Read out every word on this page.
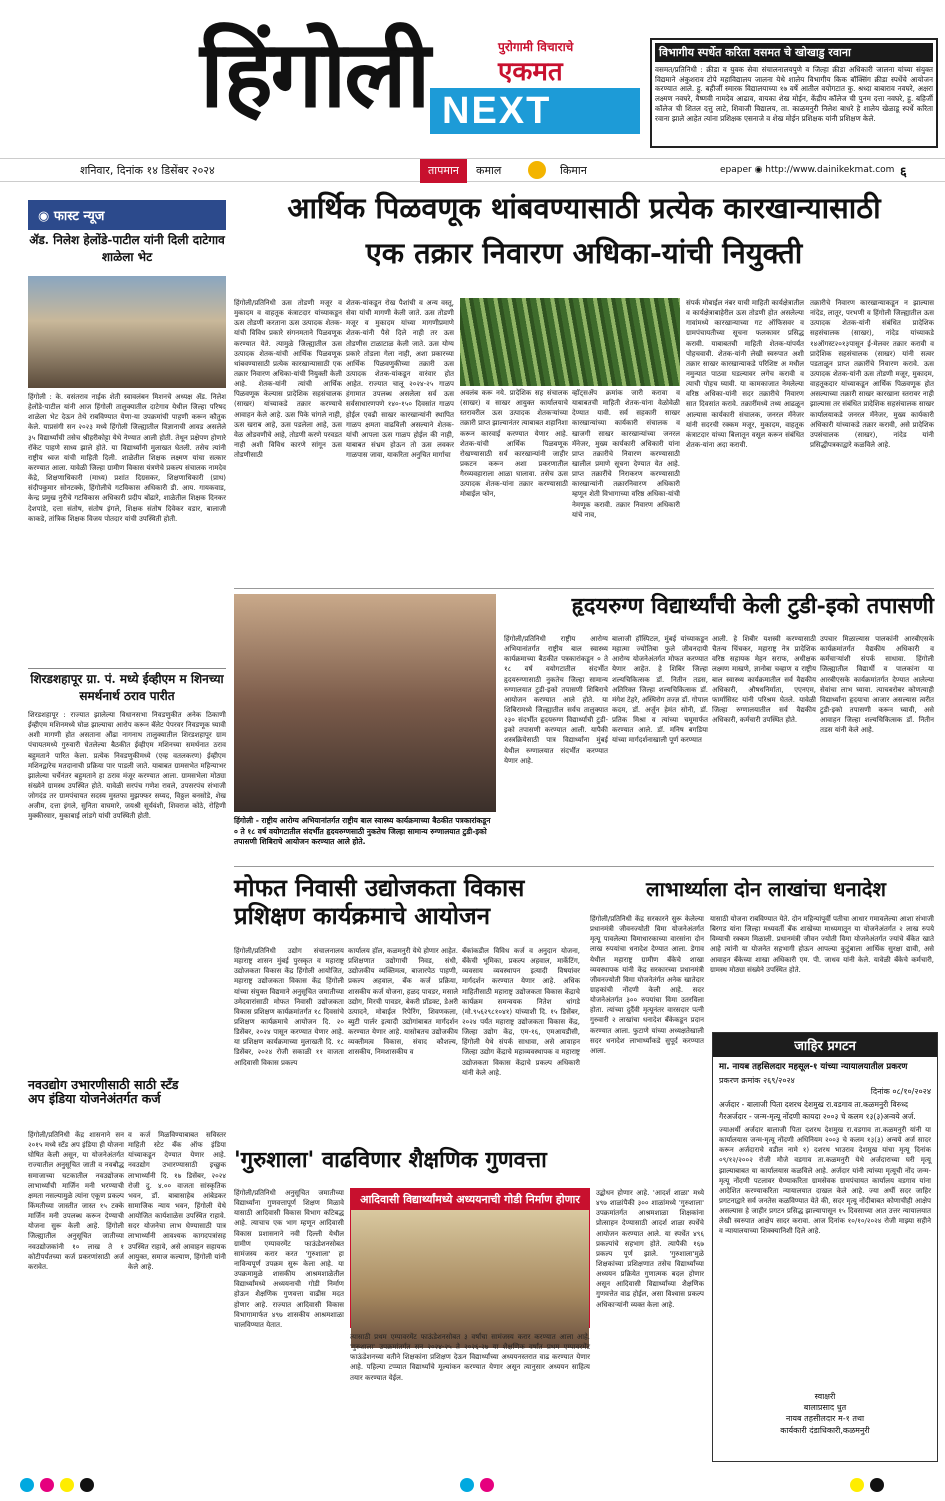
हिंगोली	पुरोगामी विचाराचे
एकमत
NEXT
विभागीय स्पर्धेत करिता वसमत चे खोखाडु रवाना

वसमत/प्रतिनिधी : क्रीडा व युवक सेवा संचालनालयपुणे व जिल्हा क्रीडा अधिकारी जालना यांच्या संयुक्त विद्यमाने अंकुशराव टोपे महाविद्यालय जालना येथे शालेय विभागीय किक बॉक्सिंग क्रीडा स्पर्धेचे आयोजन करण्यात आले. हु. बहीर्जी स्मारक विद्यालयाच्या १७ वर्षे आतील वयोगटात कु. श्रध्दा बाबाराव नवघरे, अक्षरा लक्ष्मण नवघरे, वैष्णवी नामदेव आढाव, वायका शेख मोईन, केंद्रीय कॉलेज ची पुनम दत्ता नवघरे, हु. बहिर्जी कॉलेज ची शितल दत्तु लाटे, शिवाजी विद्यालय, ता. काळमनुरी निलेश बाधरे हे शालेय खेळाडू स्पर्धे करिता रवाना झाले आहेत त्यांना प्रशिक्षक एसनाजे व शेख मोईन प्रशिक्षक यांनी प्रशिक्षण केले.

शनिवार, दिनांक १४ डिसेंबर २०२४	तापमान	कमाल	किमान	epaper ◉ http://www.dainikekmat.com ६
◉ फास्ट न्यूज
ॲड. निलेश हेलोंडे-पाटील यांनी दिली दाटेगाव शाळेला भेट
हिंगोली : के. वसंतराव नाईक शेती स्वावलंबन मिशनचे अध्यक्ष ॲड. निलेश हेलोंडे-पाटील यांनी आज हिंगोली तालुक्यातील दाटेगाव येथील जिल्हा परिषद शाळेला भेट देऊन तेथे राबविण्यात येणा-या उपक्रमांची पाहणी करून कौतुक केले. याप्रसंगी सन २०२३ मध्ये हिंगोली जिल्ह्यातील विज्ञानाची आवड असलेले ३५ विद्यार्थ्यांची तसेच श्रीहरीकोट्टा येथे नेण्यात आली होती. तेथून प्रक्षेपण होणारे रॉकेट पाहणे साध्य झाले होते. या विद्यार्थ्यांनी मुलाखत घेतली. तसेच त्यांनी राष्ट्रीय ध्वज यांची माहिती दिली. शाळेतील शिक्षक लक्ष्मण यांचा सत्कार करण्यात आला. यावेळी जिल्हा ग्रामीण विकास यंत्रणेचे प्रकल्प संचालक नामदेव केंद्रे, शिक्षणाधिकारी (माध्य) प्रशांत दिग्रसकर, शिक्षणाधिकारी (प्राथ) संदीपकुमार सोनटक्के, हिंगोलीचे गटविकास अधिकारी डी. आय. गायकवाड, केन्द्र प्रमुख नुरीचे गटविकास अधिकारी प्रदीप बोंढारे, शाळेतील शिक्षक दिनकर देशपांडे, दत्ता संतोष, संतोष इंगले, शिक्षक संतोष दिवेकर वडार, बालाजी काकडे, तांत्रिक शिक्षक विजय पोतदार यांची उपस्थिती होती.
शिरडशहापूर ग्रा. पं. मध्ये ईव्हीएम म शिनच्या समर्थनार्थ ठराव पारीत
शिरडशहापूर : राज्यात झालेल्या विधानसभा निवडणुकीत अनेक ठिकाणी ईव्हीएम मशिनमध्ये घोळ झाल्याचा आरोप करून बॅलेट पेपरवर निवडणूक घ्यावी अशी मागणी होत असताना औंढा नागनाथ तालुक्यातील शिरडशहापूर ग्राम पंचायतमध्ये गुरुवारी घेतलेल्या बैठकीत ईव्हीएम मशिनच्या समर्थनात ठराव बहुमताने पारित केला. प्रत्येक निवडणुकीमध्ये (एव्ह वतलकरण) ईव्हीएम मशिनद्वारेच मतदानाची प्रक्रिया पार पाडली जाते. याबाबत ग्रामसभेत महिन्याभर झालेल्या चर्चेनंतर बहुमताने हा ठराव मंजूर करण्यात आला. ग्रामसभेला मोठ्या संख्येने ग्रामस्थ उपस्थित होते. यावेळी सरपंच गणेश रावले, उपसरपंच संभाजी जोगदंड तर ग्रामपंचायत सदस्य मुस्तफा मुझफ्फर सय्यद, विठ्ठल बनसोडे, शेख अजीम, दत्ता इंगले, सुनिता वाघमारे, जयश्री सूर्यवंशी, शिवराज कोठे, रोहिणी मुक्कीरवार, मुकाबाई लांडगे यांची उपस्थिती होती.
आर्थिक पिळवणूक थांबवण्यासाठी प्रत्येक कारखान्यासाठी
एक तक्रार निवारण अधिका-यांची नियुक्ती
हिंगोली/प्रतिनिधी ऊस तोडणी मजूर व मुकादम व वाहतूक कंत्राटदार यांच्याकडून ऊस तोडणी करताना ऊस उत्पादक शेतक-यांची विविध प्रकारे संगनमताने पिळवणूक करण्यात येते. त्यामुळे जिल्ह्यातील ऊस उत्पादक शेतक-यांची आर्थिक पिळवणूक थांबवण्यासाठी प्रत्येक कारखान्यासाठी एक तक्रार निवारण अधिका-यांची नियुक्ती केली आहे. शेतक-यांनी त्यांची आर्थिक पिळवणूक केल्यास प्रादेशिक सहसंचालक (साखर) यांच्याकडे तक्रार करण्याचे आवाहन केले आहे. ऊस पिके चांगले नाही, ऊस खराब आहे, ऊस पडलेला आहे, ऊस वेळ ओडवणीचे आहे, तोडणी करणे परवडत नाही अशी विविध कारणे सांगून ऊस तोडणीसाठी
शेतक-यांकडून रोख पैशांची व अन्य वस्तू, सेवा यांची मागणी केली जाते. ऊस तोडणी मजूर व मुकादम यांच्या मागणीप्रमाणे शेतक-यांनी पैसे दिले नाही तर ऊस तोडणीस टाळाटाळ केली जाते. ऊस योग्य प्रकारे तोडला गेला नाही, अशा प्रकारच्या आर्थिक पिळवणुकीच्या तक्रारी ऊस उत्पादक शेतक-यांकडून वारंवार होत आहेत. राज्यात चालू २०२४-२५ गाळप हंगामात उपलब्ध असलेला सर्व ऊस सर्वसाधारणपणे १४०-१५० दिवसांत गाळप होईल एवढी साखर कारखान्यांनी स्थापित गाळप क्षमता वाढविली असल्याने शेतक-यांची आपला ऊस गाळप होईल की नाही, याबाबत संभ्रम होऊन तो ऊस लवकर गाळपास जावा, याकरिता अनुचित मार्गाचा
अवलंब करू नये. प्रादेशिक सह संचालक (साखर) व साखर आयुक्त कार्यालयाचे स्तरावरील ऊस उत्पादक शेतकऱ्यांच्या तक्रारी प्राप्त झाल्यानंतर त्याबाबत शहानिशा करून कारवाई करण्यात येणार आहे. शेतक-यांची आर्थिक पिळवणूक रोखण्यासाठी सर्व कारखान्यांनी जाहीर प्रकटन करून अशा प्रकरणातील गैरव्यवहाराला आळा घालावा. तसेच ऊस उत्पादक शेतक-यांना तक्रार करण्यासाठी मोबाईल फोन,
व्हॉट्सॲप क्रमांक जारी करावा व याबाबतची माहिती शेतक-यांना वेळोवेळी देण्यात यावी. सर्व सहकारी साखर कारखान्यांच्या कार्यकारी संचालक व खाजगी साखर कारखान्यांच्या जनरल मॅनेजर, मुख्य कार्यकारी अधिकारी यांना प्राप्त तक्रारीचे निवारण करण्यासाठी खालील प्रमाणे सूचना देण्यात येत आहे. प्राप्त तक्रारींचे निराकरण करण्यासाठी कारखान्यांनी तक्रारनिवारण अधिकारी म्हणून शेती विभागाच्या वरिष्ठ अधिका-यांची नेमणूक करावी. तक्रार निवारण अधिकारी यांचे नाव,
संपर्क मोबाईल नंबर याची माहिती कार्यक्षेत्रातील व कार्यक्षेत्राबाहेरील ऊस तोडणी होत असलेल्या गावांमध्ये कारखान्याच्या गट ऑफिसवर व ग्रामपंचायतीच्या सूचना फलकावर प्रसिद्ध करावी. याबाबतची माहिती शेतक-यांपर्यंत पोहचवावी. शेतक-यांनी लेखी स्वरुपात अशी तक्रार साखर कारखान्याकडे परिशिष्ट अ मधील नमुन्यात पाठवा घडल्यावर लगेच करावी व त्याची पोहच घ्यावी. या कामकाजात नेमलेल्या वरिष्ठ अधिका-यांनी सदर तक्रारीचे निवारण सात दिवसांत करावे. तक्रारींमध्ये तथ्य आढळून आल्यास कार्यकारी संचालक, जनरल मॅनेजर यांनी सदरची रक्कम मजूर, मुकादम, वाहतूक कंत्राटदार यांच्या बिलातून वसूल करून संबंधित शेतक-यांना अदा करावी.
तक्रारीचे निवारण कारखान्याकडून न झाल्यास नांदेड, लातूर, परभणी व हिंगोली जिल्ह्यातील ऊस उत्पादक शेतक-यांनी संबंधित प्रादेशिक सहसंचालक (साखर), नांदेड यांच्याकडे १४ऑगस्ट२०१३पासून ई-मेलवर तक्रार करावी व प्रादेशिक सहसंचालक (साखर) यांनी सत्वर पडताळून प्राप्त तक्रारींचे निवारण करावे. ऊस उत्पादक शेतक-यांनी ऊस तोडणी मजूर, मुकादम, वाहतूकदार यांच्याकडून आर्थिक पिळवणूक होत असल्याच्या तक्रारी साखर कारखाना स्तरावर नाही झाल्यास तर संबंधित प्रादेशिक सहसंचालक साखर कार्यालयाकडे जनरल मॅनेजर, मुख्य कार्यकारी अधिकारी यांच्याकडे तक्रार करावी, असे प्रादेशिक उपसंचालक (साखर), नांदेड यांनी प्रसिद्धीपत्रकाद्वारे कळविले आहे.
हृदयरुग्ण विद्यार्थ्यांची केली टुडी-इको तपासणी
हिंगोली - राष्ट्रीय आरोग्य अभियानांतर्गत राष्ट्रीय बाल स्वास्थ्य कार्यक्रमाच्या बैठकीत पत्रकारांकडून ० ते १८ वर्ष वयोगटातील संदर्भीत हृदयरुग्णसाठी नुकतेच जिल्हा सामान्य रुग्णालयात टुडी-इको तपासणी शिबिराचे आयोजन करण्यात आले होते.
हिंगोली/प्रतिनिधी राष्ट्रीय आरोग्य अभियानांतर्गत राष्ट्रीय बाल स्वास्थ्य कार्यक्रमाच्या बैठकीत पत्रकारांकडून ० ते १८ वर्ष वयोगटातील संदर्भीत हृदयरुग्णासाठी नुकतेच जिल्हा सामान्य रुग्णालयात टुडी-इको तपासणी शिबिराचे आयोजन करण्यात आले होते. या शिबिरामध्ये जिल्ह्यातील सर्वच तालुक्यात २३० संदर्भीत हृदयरुग्ण विद्यार्थ्यांची टुडी-इको तपासणी करण्यात आली. यापैकी शस्त्रक्रियेसाठी पात्र विद्यार्थ्यांना मुंबई येथील रुग्णालयात संदर्भीत करण्यात येणार आहे.
बालाजी हॉस्पिटल, मुंबई यांच्याकडून महात्मा ज्योतिबा फुले जीवनदायी आरोग्य योजनेअंतर्गत मोफत करण्यात येणार आहेत. हे शिबिर जिल्हा शल्यचिकित्सक डॉ. नितीन तडस, अतिरिक्त जिल्हा शल्यचिकित्सक डॉ. मंगेश टेहरे, अस्थिरोग तज्ज्ञ डॉ. गोपाल कदम, डॉ. अर्जुन हेमंत सोनी, डॉ. प्रतिक मिश्रा व त्यांच्या चमूमार्फत करण्यात आले. डॉ. मनिष बगडिया यांच्या मार्गदर्शनाखाली पूर्ण करण्यात
आली. हे शिबीर यशस्वी करण्यासाठी चैतन्य चिंचकर, महाराष्ट्र नेत्र प्रादेशिक वरिष्ठ सहायक मेहन सराफ, अधीक्षक लक्ष्मण माखणे, ज्ञानोबा चव्हाण व राष्ट्रीय बाल स्वास्थ्य कार्यक्रमातील सर्व वैद्यकीय अधिकारी, औषधनिर्माता, एएनएम, फार्मासिस्ट यांनी परिश्रम घेतले. यावेळी जिल्हा रुग्णालयातील सर्व वैद्यकीय अधिकारी, कर्मचारी उपस्थित होते.
उपचार मिळाल्यास पालकांनी आरबीएसके कार्यक्रमांतर्गत वैद्यकीय अधिकारी व कर्मचाऱ्यांशी संपर्क साधावा. हिंगोली जिल्ह्यातील विद्यार्थी व पालकांना या आरबीएसके कार्यक्रमांतर्गत देण्यात आलेल्या सेवांचा लाभ घ्यावा. त्याचबरोबर कोणत्याही विद्यार्थ्यांना हृदयाचा आजार असल्यास त्वरीत टुडी-इको तपासणी करून घ्यावी, असे आवाहन जिल्हा शल्यचिकित्सक डॉ. नितीन तडस यांनी केले आहे.
मोफत निवासी उद्योजकता विकास
प्रशिक्षण कार्यक्रमाचे आयोजन
हिंगोली/प्रतिनिधी उद्योग संचालनालय महाराष्ट्र शासन मुंबई पुरस्कृत व महाराष्ट्र उद्योजकता विकास केंद्र हिंगोली आयोजित, महाराष्ट्र उद्योजकता विकास केंद्र हिंगोली यांच्या संयुक्त विद्यमाने अनुसूचित जमातीच्या उमेदवारांसाठी मोफत निवासी उद्योजकता विकास प्रशिक्षण कार्यक्रमांतर्गत १८ दिवसांचे प्रशिक्षण कार्यक्रमाचे आयोजन दि. २० डिसेंबर, २०२४ पासून करण्यात येणार आहे. या प्रशिक्षण कार्यक्रमाच्या मुलाखती दि. १८ डिसेंबर, २०२४ रोजी सकाळी ११ वाजता आदिवासी विकास प्रकल्प
कार्यालय हॉल, कळमनुरी येथे होणार आहेत. प्रशिक्षणात उद्योगाची निवड, संधी, उद्योजकीय व्यक्तिमत्व, बाजारपेठ पाहणी, प्रकल्प अहवाल, बँक कर्ज प्रक्रिया, शासकीय कर्ज योजना, हळद पावडर, मसाले उद्योग, मिरची पावडर, बेकरी प्रॉडक्ट, डेअरी उत्पादने, मोबाईल रिपेरिंग, शिवणकला, ब्युटी पार्लर इत्यादी उद्योगांबाबत मार्गदर्शन करण्यात येणार आहे. यासोबतच उद्योजकीय व्यक्तीमत्व विकास, संवाद कौशल्य, शासकीय, निमशासकीय व
बँकांकडील विविध कर्ज व अनुदान योजना, बँकेची भूमिका, प्रकल्प अहवाल, मार्केटिंग, व्यवसाय व्यवस्थापन इत्यादी विषयांवर मार्गदर्शन करण्यात येणार आहे. अधिक माहितीसाठी महाराष्ट्र उद्योजकता विकास केंद्राचे कार्यक्रम समन्वयक नितेश धांगडे (मो.९५६२९८१०४१) यांच्याशी दि. १५ डिसेंबर, २०२४ पर्यंत महाराष्ट्र उद्योजकता विकास केंद्र, जिल्हा उद्योग केंद्र, एम-१६, एमआयडीसी, हिंगोली येथे संपर्क साधावा, असे आवाहन जिल्हा उद्योग केंद्राचे महाव्यवस्थापक व महाराष्ट्र उद्योजकता विकास केंद्राचे प्रकल्प अधिकारी यांनी केले आहे.
लाभार्थ्याला दोन लाखांचा धनादेश
हिंगोली/प्रतिनिधी केंद्र सरकारने सुरू केलेल्या प्रधानमंत्री जीवनज्योती विमा योजनेअंतर्गत मृत्यू पावलेल्या विमाधारकाच्या वारसांना दोन लाख रुपयांचा धनादेश देण्यात आला. डेगाव येथील महाराष्ट्र ग्रामीण बँकेचे शाखा व्यवस्थापक यांनी केंद्र सरकारच्या प्रधानमंत्री जीवनज्योती विमा योजनेतंर्गत अनेक खातेदार ग्राहकांची नोंदणी केली आहे. सदर योजनेअंतर्गत ३०० रुपयांचा विमा उतरविला होता. त्यांच्या दुर्दैवी मृत्यूनंतर वारसदार पत्नी गुरुवारी २ लाखांचा धनादेश बँकेकडून प्रदान करण्यात आला. फुटाणे यांच्या अध्यक्षतेखाली सदर धनादेश लाभार्थ्यांकडे सुपूर्द करण्यात आला.
यासाठी योजना राबविण्यात येते. दोन महिन्यांपूर्वी पतीचा आधार गमावलेल्या आशा संभाजी बिरगड यांना जिल्हा मध्यवर्ती बँक शाखेच्या माध्यमातून या योजनेअंतर्गत २ लाख रुपये विम्याची रक्कम मिळाली. प्रधानमंत्री जीवन ज्योती विमा योजनेअंतर्गत ज्यांचे बँकेत खाते आहे त्यांनी या योजनेत सहभागी होऊन आपल्या कुटुंबाला आर्थिक सुरक्षा द्यावी, असे आवाहन बँकेच्या शाखा अधिकारी एम. पी. जाधव यांनी केले. यावेळी बँकेचे कर्मचारी, ग्रामस्थ मोठ्या संख्येने उपस्थित होते.
नवउद्योग उभारणीसाठी साठी स्टँड
अप इंडिया योजनेअंतर्गत कर्ज
हिंगोली/प्रतिनिधी केंद्र शासनाने सन २०१५ मध्ये स्टँड अप इंडिया ही योजना घोषित केली असून, या योजनेअंतर्गत राज्यातील अनुसूचित जाती व नवबौद्ध समाजाच्या घटकातील नवउद्योजक लाभार्थ्यांची मार्जिन मनी भरण्याची क्षमता नसल्यामुळे त्यांना एकूण प्रकल्प किंमतीच्या जास्तीत जास्त १५ टक्के मार्जिन मनी उपलब्ध करून देण्याची योजना सुरू केली आहे. हिंगोली जिल्ह्यातील अनुसूचित जातीच्या नवउद्योजकांनी १० लाख ते १ कोटीपर्यंतच्या कर्ज प्रकरणांसाठी अर्ज करावेत.
व कर्ज मिळविण्याबाबत सविस्तर माहिती स्टेट बँक ऑफ इंडिया यांच्याकडून देण्यात येणार आहे. नवउद्योग उभारण्यासाठी इच्छुक लाभार्थ्यांनी दि. १७ डिसेंबर, २०२४ रोजी दु. ४.०० वाजता सांस्कृतिक भवन, डॉ. बाबासाहेब आंबेडकर सामाजिक न्याय भवन, हिंगोली येथे आयोजित कार्यशाळेस उपस्थित राहावे. सदर योजनेचा लाभ घेण्यासाठी पात्र लाभार्थ्यांनी आवश्यक कागदपत्रांसह उपस्थित राहावे, असे आवाहन सहायक आयुक्त, समाज कल्याण, हिंगोली यांनी केले आहे.
'गुरुशाला' वाढविणार शैक्षणिक गुणवत्ता
हिंगोली/प्रतिनिधी अनुसूचित जमातीच्या विद्यार्थ्यांना गुणवत्तापूर्ण शिक्षण मिळावे यासाठी आदिवासी विकास विभाग कटिबद्ध आहे. त्याचाच एक भाग म्हणून आदिवासी विकास प्रशासनाने नवी दिल्ली येथील ग्रामीण एम्पावरमेंट फाऊंडेशनसोबत सामंजस्य करार करत 'गुरुशाला' हा नाविन्यपूर्ण उपक्रम सुरू केला आहे. या उपक्रमामुळे शासकीय आश्रमशाळेतील विद्यार्थ्यांमध्ये अध्ययनाची गोडी निर्माण होऊन शैक्षणिक गुणवत्ता वाढीस मदत होणार आहे. राज्यात आदिवासी विकास विभागामार्फत ४९७ शासकीय आश्रमशाळा चालविण्यात येतात.
आदिवासी विद्यार्थ्यांमध्ये अध्ययनाची गोडी निर्माण होणार
त्यासाठी प्रथम एम्पावरमेंट फाऊंडेशनसोबत ३ वर्षांचा सामंजस्य करार करण्यात आला आहे. 'गुरुशाला' उपक्रमांतर्गत सन २०२४-२५ ते २०२६-२७ या शैक्षणिक वर्षांत प्रथम एम्पावरमेंट फाऊंडेशनच्या वतीने शिक्षकांना प्रशिक्षण देऊन विद्यार्थ्यांच्या अध्ययनस्तरात वाढ करण्यात येणार आहे. पहिल्या टप्प्यात विद्यार्थ्यांचे मूल्यांकन करण्यात येणार असून त्यानुसार अध्ययन साहित्य तयार करण्यात येईल.
उद्बोधन होणार आहे. 'आदर्श शाळा' मध्ये ४९७ शाळांपैकी ३०० शाळांमध्ये 'गुरुशाला' उपक्रमांतर्गत आश्रमशाळा शिक्षकांना प्रोत्साहन देण्यासाठी आदर्श शाळा स्पर्धेचे आयोजन करण्यात आले. या स्पर्धेत ४९६ प्रकल्पांचे सहभाग होते. त्यापैकी १६७ प्रकल्प पूर्ण झाले. 'गुरुशाला'मुळे शिक्षकांच्या प्रशिक्षणात तसेच विद्यार्थ्यांच्या अध्ययन प्रक्रियेत गुणात्मक बदल होणार असून आदिवासी विद्यार्थ्यांच्या शैक्षणिक गुणवत्तेत वाढ होईल, असा विश्वास प्रकल्प अधिकाऱ्यांनी व्यक्त केला आहे.
जाहिर प्रगटन
मा. नायब तहसिलदार महसूल-१ यांच्या न्यायालयातील प्रकरण
प्रकरण क्रमांक २६९/२०२४
दिनांक ०८/१०/२०२४
अर्जदार - बालाजी पिता दशरथ देशमुख रा.वडगाव ता.कळमनुरी विरुध्द
गैरअर्जदार - जन्म-मृत्यू नोंदणी कायदा २००३ चे कलम १३(३)अन्वये अर्ज.
ज्याअर्थी अर्जदार बालाजी पिता दशरथ देशमुख रा.वडगाव ता.कळमनुरी यांनी या कार्यालयास जन्म-मृत्यू नोंदणी अधिनियम २००३ चे कलम १३(३) अन्वये अर्ज सादर करून अर्जदाराचे वडील नामे १) दशरथ भाउराव देशमुख यांचा मृत्यू दिनांक ०९/१२/२००२ रोजी मौजे वडगाव ता.कळमनुरी येथे अर्जदाराच्या घरी मृत्यू झाल्याबाबत या कार्यालयास कळविले आहे. अर्जदार यांनी त्यांच्या मृत्यूची नोंद जन्म-मृत्यू नोंदणी पटलावर घेण्याकरिता ग्रामसेवक ग्रामपंचायत कार्यालय वडगाव यांना आदेशित करण्याकरिता न्यायालयात दाखल केले आहे. ज्या अर्थी सदर जाहिर प्रगटनाद्वारे सर्व जनतेस कळविण्यात येते की, सदर मृत्यू नोंदीबाबत कोणाचीही आक्षेप असल्यास हे जाहीर प्रगटन प्रसिद्ध झाल्यापासून १५ दिवसाच्या आत उत्तर न्यायालयात लेखी स्वरुपात आक्षेप सादर करावा. आज दिनांक १०/१०/२०२४ रोजी माझ्या सहीने व न्यायालयाच्या शिक्क्यानिशी दिले आहे.
स्वाक्षरी
बालाप्रसाद धुत
नायब तहसीलदार म-१ तथा
कार्यकारी दंडाधिकारी,कळमनुरी
